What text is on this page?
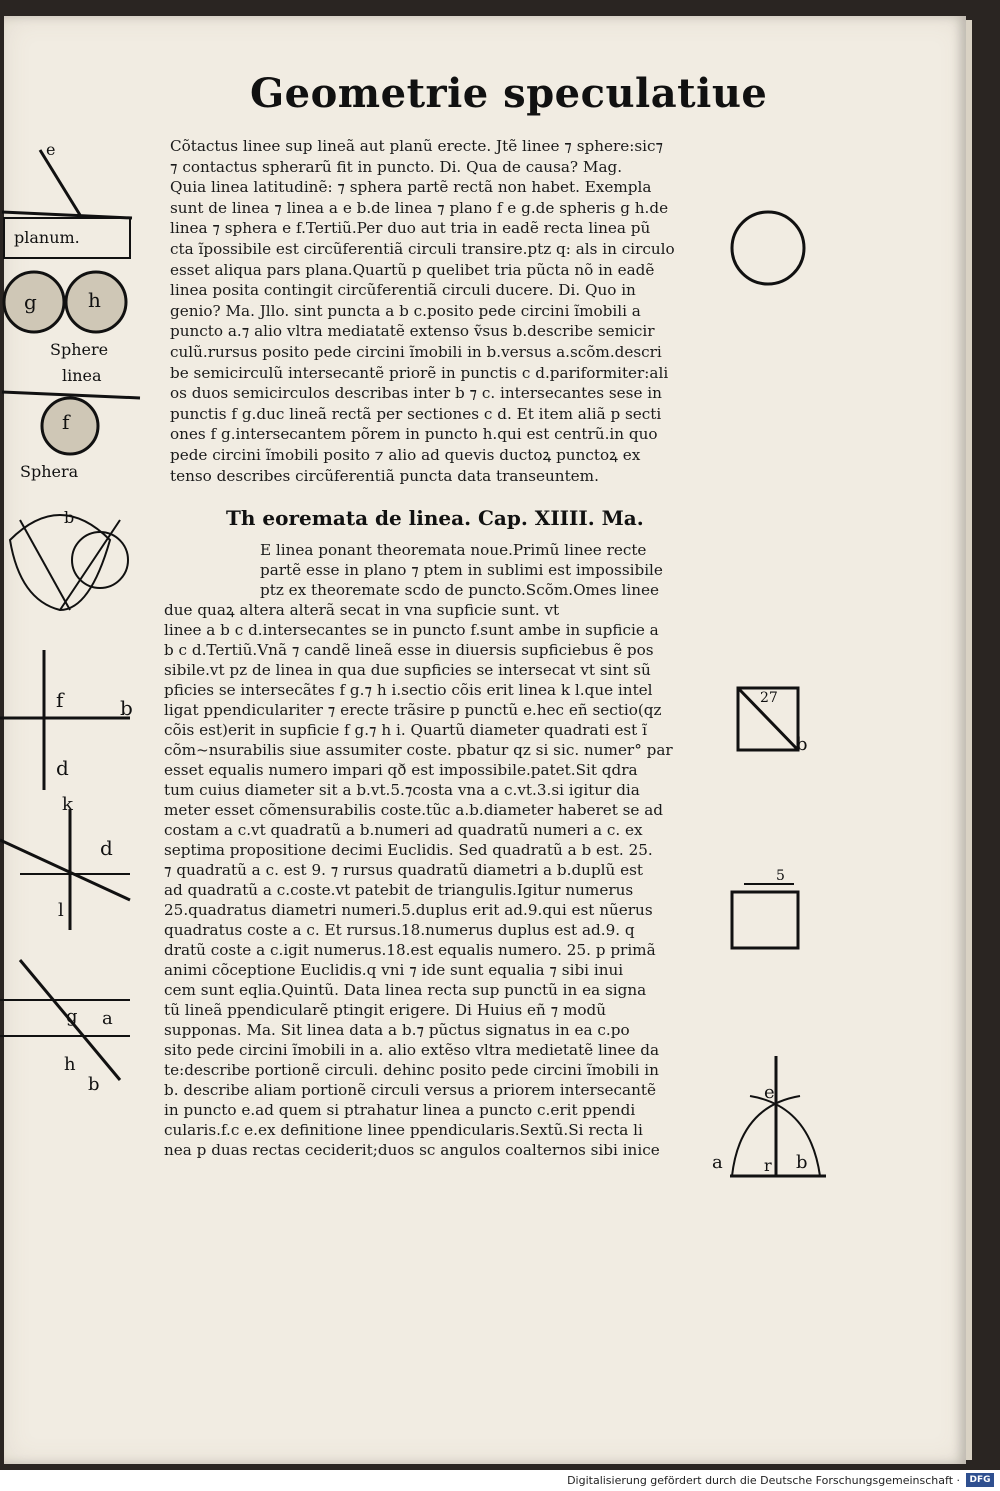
Geometrie speculatiue
Cõtactus linee sup lineã aut planũ erecte. Jtẽ linee ⁊ sphere:sic⁊
⁊ contactus spherarũ fit in puncto. Di. Qua de causa? Mag.
Quia linea latitudinẽ: ⁊ sphera partẽ rectã non habet. Exempla
sunt de linea ⁊ linea a e b.de linea ⁊ plano f e g.de spheris g h.de
linea ⁊ sphera e f.Tertiũ.Per duo aut tria in eadẽ recta linea pũ
cta ĩpossibile est circũferentiã circuli transire.ptz q: als in circulo
esset aliqua pars plana.Quartũ p quelibet tria pũcta nõ in eadẽ
linea posita contingit circũferentiã circuli ducere. Di. Quo in
genio? Ma. Jllo. sint puncta a b c.posito pede circini ĩmobili a
puncto a.⁊ alio vltra mediatatẽ extenso ṽsus b.describe semicir
culũ.rursus posito pede circini ĩmobili in b.versus a.scõm.descri
be semicirculũ intersecantẽ priorẽ in punctis c d.pariformiter:ali
os duos semicirculos describas inter b ⁊ c. intersecantes sese in
punctis f g.duc lineã rectã per sectiones c d. Et item aliã p secti
ones f g.intersecantem põrem in puncto h.qui est centrũ.in quo
pede circini ĩmobili posito ⁊ alio ad quevis ductoꝝ punctoꝝ ex
tenso describes circũferentiã puncta data transeuntem.
Th eoremata de linea. Cap. XIIII. Ma.
E linea ponant theoremata noue.Primũ linee recte
partẽ esse in plano ⁊ ptem in sublimi est impossibile
ptz ex theoremate scdo de puncto.Scõm.Omes linee
due quaꝝ altera alterã secat in vna supficie sunt. vt
linee a b c d.intersecantes se in puncto f.sunt ambe in supficie a
b c d.Tertiũ.Vnã ⁊ candẽ lineã esse in diuersis supficiebus ẽ pos
sibile.vt pz de linea in qua due supficies se intersecat vt sint sũ
pficies se intersecãtes f g.⁊ h i.sectio cõis erit linea k l.que intel
ligat ppendiculariter ⁊ erecte trãsire p punctũ e.hec eñ sectio(qz
cõis est)erit in supficie f g.⁊ h i. Quartũ diameter quadrati est ĩ
cõm~nsurabilis siue assumiter coste. pbatur qz si sic. numer° par
esset equalis numero impari qð est impossibile.patet.Sit qdra
tum cuius diameter sit a b.vt.5.⁊costa vna a c.vt.3.si igitur dia
meter esset cõmensurabilis coste.tũc a.b.diameter haberet se ad
costam a c.vt quadratũ a b.numeri ad quadratũ numeri a c. ex
septima propositione decimi Euclidis. Sed quadratũ a b est. 25.
⁊ quadratũ a c. est 9. ⁊ rursus quadratũ diametri a b.duplũ est
ad quadratũ a c.coste.vt patebit de triangulis.Igitur numerus
25.quadratus diametri numeri.5.duplus erit ad.9.qui est nũerus
quadratus coste a c. Et rursus.18.numerus duplus est ad.9. q
dratũ coste a c.igit numerus.18.est equalis numero. 25. p primã
animi cõceptione Euclidis.q vni ⁊ ide sunt equalia ⁊ sibi inui
cem sunt eqlia.Quintũ. Data linea recta sup punctũ in ea signa
tũ lineã ppendicularẽ ptingit erigere. Di Huius eñ ⁊ modũ
supponas. Ma. Sit linea data a b.⁊ pũctus signatus in ea c.po
sito pede circini ĩmobili in a. alio extẽso vltra medietatẽ linee da
te:describe portionẽ circuli. dehinc posito pede circini ĩmobili in
b. describe aliam portionẽ circuli versus a priorem intersecantẽ
in puncto e.ad quem si ptrahatur linea a puncto c.erit ppendi
cularis.f.c e.ex definitione linee ppendicularis.Sextũ.Si recta li
nea p duas rectas ceciderit;duos sc angulos coalternos sibi inice
e
planum.
g	h
Sphere
linea
f
Sphera
b
f	b
d
k
d
l
a
g
h
b
27
b
5
e
r
a	b
Digitalisierung gefördert durch die Deutsche Forschungsgemeinschaft ·	DFG
